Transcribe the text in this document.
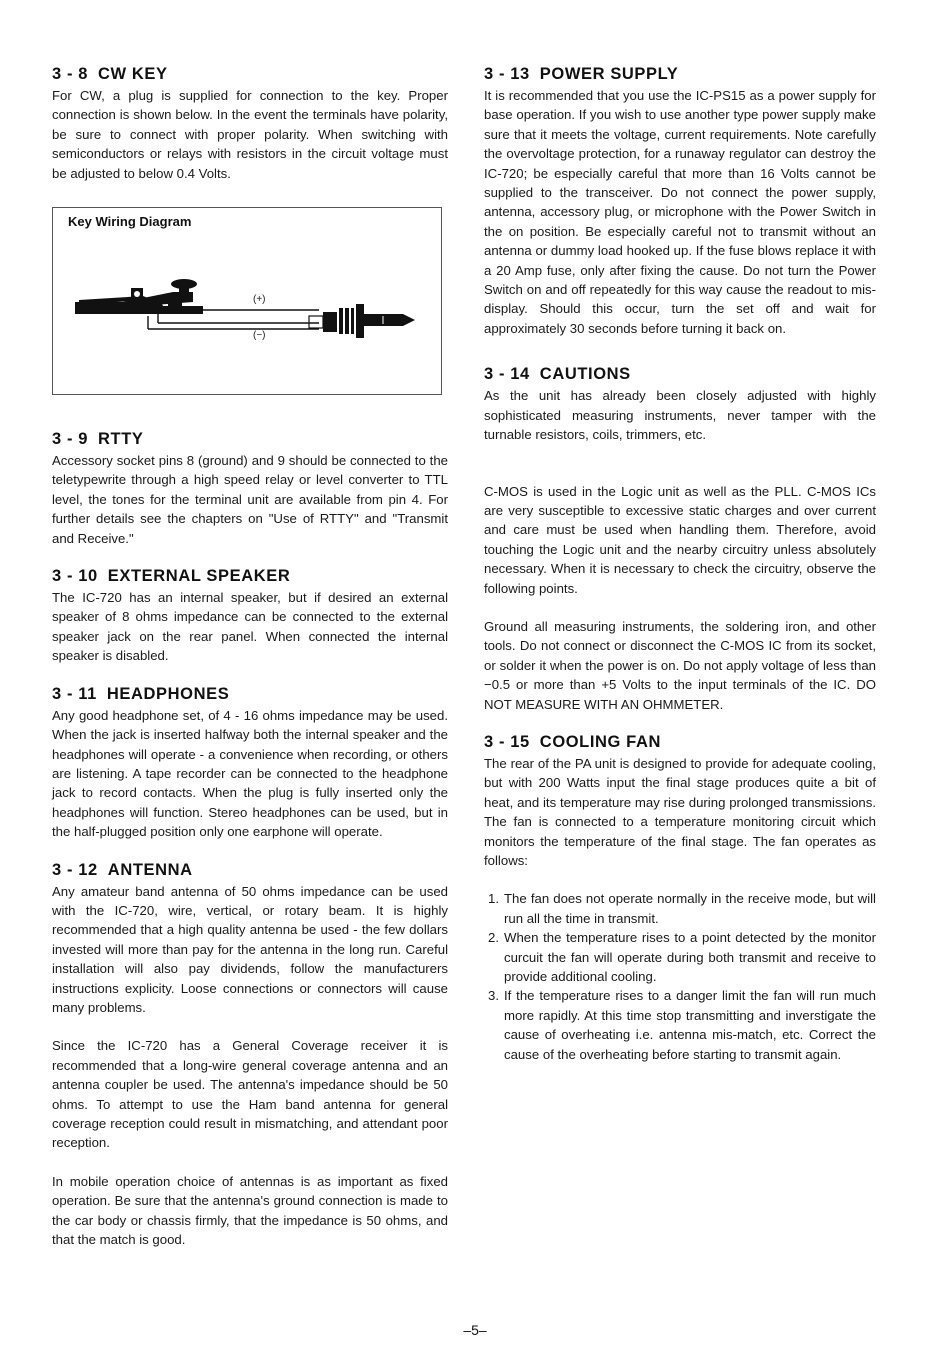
3 - 8 CW KEY

For CW, a plug is supplied for connection to the key. Proper connection is shown below. In the event the terminals have polarity, be sure to connect with proper polarity. When switching with semiconductors or relays with resistors in the circuit voltage must be adjusted to below 0.4 Volts.

Key Wiring Diagram
(+)
(−)
3 - 9 RTTY

Accessory socket pins 8 (ground) and 9 should be connected to the teletypewrite through a high speed relay or level converter to TTL level, the tones for the terminal unit are available from pin 4. For further details see the chapters on "Use of RTTY" and "Transmit and Receive."

3 - 10 EXTERNAL SPEAKER

The IC-720 has an internal speaker, but if desired an external speaker of 8 ohms impedance can be connected to the external speaker jack on the rear panel. When connected the internal speaker is disabled.

3 - 11 HEADPHONES

Any good headphone set, of 4 - 16 ohms impedance may be used. When the jack is inserted halfway both the internal speaker and the headphones will operate - a convenience when recording, or others are listening. A tape recorder can be connected to the headphone jack to record contacts. When the plug is fully inserted only the headphones will function. Stereo headphones can be used, but in the half-plugged position only one earphone will operate.

3 - 12 ANTENNA

Any amateur band antenna of 50 ohms impedance can be used with the IC-720, wire, vertical, or rotary beam. It is highly recommended that a high quality antenna be used - the few dollars invested will more than pay for the antenna in the long run. Careful installation will also pay dividends, follow the manufacturers instructions explicity. Loose connections or connectors will cause many problems.

Since the IC-720 has a General Coverage receiver it is recommended that a long-wire general coverage antenna and an antenna coupler be used. The antenna's impedance should be 50 ohms. To attempt to use the Ham band antenna for general coverage reception could result in mismatching, and attendant poor reception.

In mobile operation choice of antennas is as important as fixed operation. Be sure that the antenna's ground connection is made to the car body or chassis firmly, that the impedance is 50 ohms, and that the match is good.

3 - 13 POWER SUPPLY

It is recommended that you use the IC-PS15 as a power supply for base operation. If you wish to use another type power supply make sure that it meets the voltage, current requirements. Note carefully the overvoltage protection, for a runaway regulator can destroy the IC-720; be especially careful that more than 16 Volts cannot be supplied to the transceiver. Do not connect the power supply, antenna, accessory plug, or microphone with the Power Switch in the on position. Be especially careful not to transmit without an antenna or dummy load hooked up. If the fuse blows replace it with a 20 Amp fuse, only after fixing the cause. Do not turn the Power Switch on and off repeatedly for this way cause the readout to mis-display. Should this occur, turn the set off and wait for approximately 30 seconds before turning it back on.

3 - 14 CAUTIONS

As the unit has already been closely adjusted with highly sophisticated measuring instruments, never tamper with the turnable resistors, coils, trimmers, etc.

C-MOS is used in the Logic unit as well as the PLL. C-MOS ICs are very susceptible to excessive static charges and over current and care must be used when handling them. Therefore, avoid touching the Logic unit and the nearby circuitry unless absolutely necessary. When it is necessary to check the circuitry, observe the following points.

Ground all measuring instruments, the soldering iron, and other tools. Do not connect or disconnect the C-MOS IC from its socket, or solder it when the power is on. Do not apply voltage of less than −0.5 or more than +5 Volts to the input terminals of the IC. DO NOT MEASURE WITH AN OHMMETER.

3 - 15 COOLING FAN

The rear of the PA unit is designed to provide for adequate cooling, but with 200 Watts input the final stage produces quite a bit of heat, and its temperature may rise during prolonged transmissions. The fan is connected to a temperature monitoring circuit which monitors the temperature of the final stage. The fan operates as follows:

1. The fan does not operate normally in the receive mode, but will run all the time in transmit.
2. When the temperature rises to a point detected by the monitor curcuit the fan will operate during both transmit and receive to provide additional cooling.
3. If the temperature rises to a danger limit the fan will run much more rapidly. At this time stop transmitting and inverstigate the cause of overheating i.e. antenna mis-match, etc. Correct the cause of the overheating before starting to transmit again.
–5–
